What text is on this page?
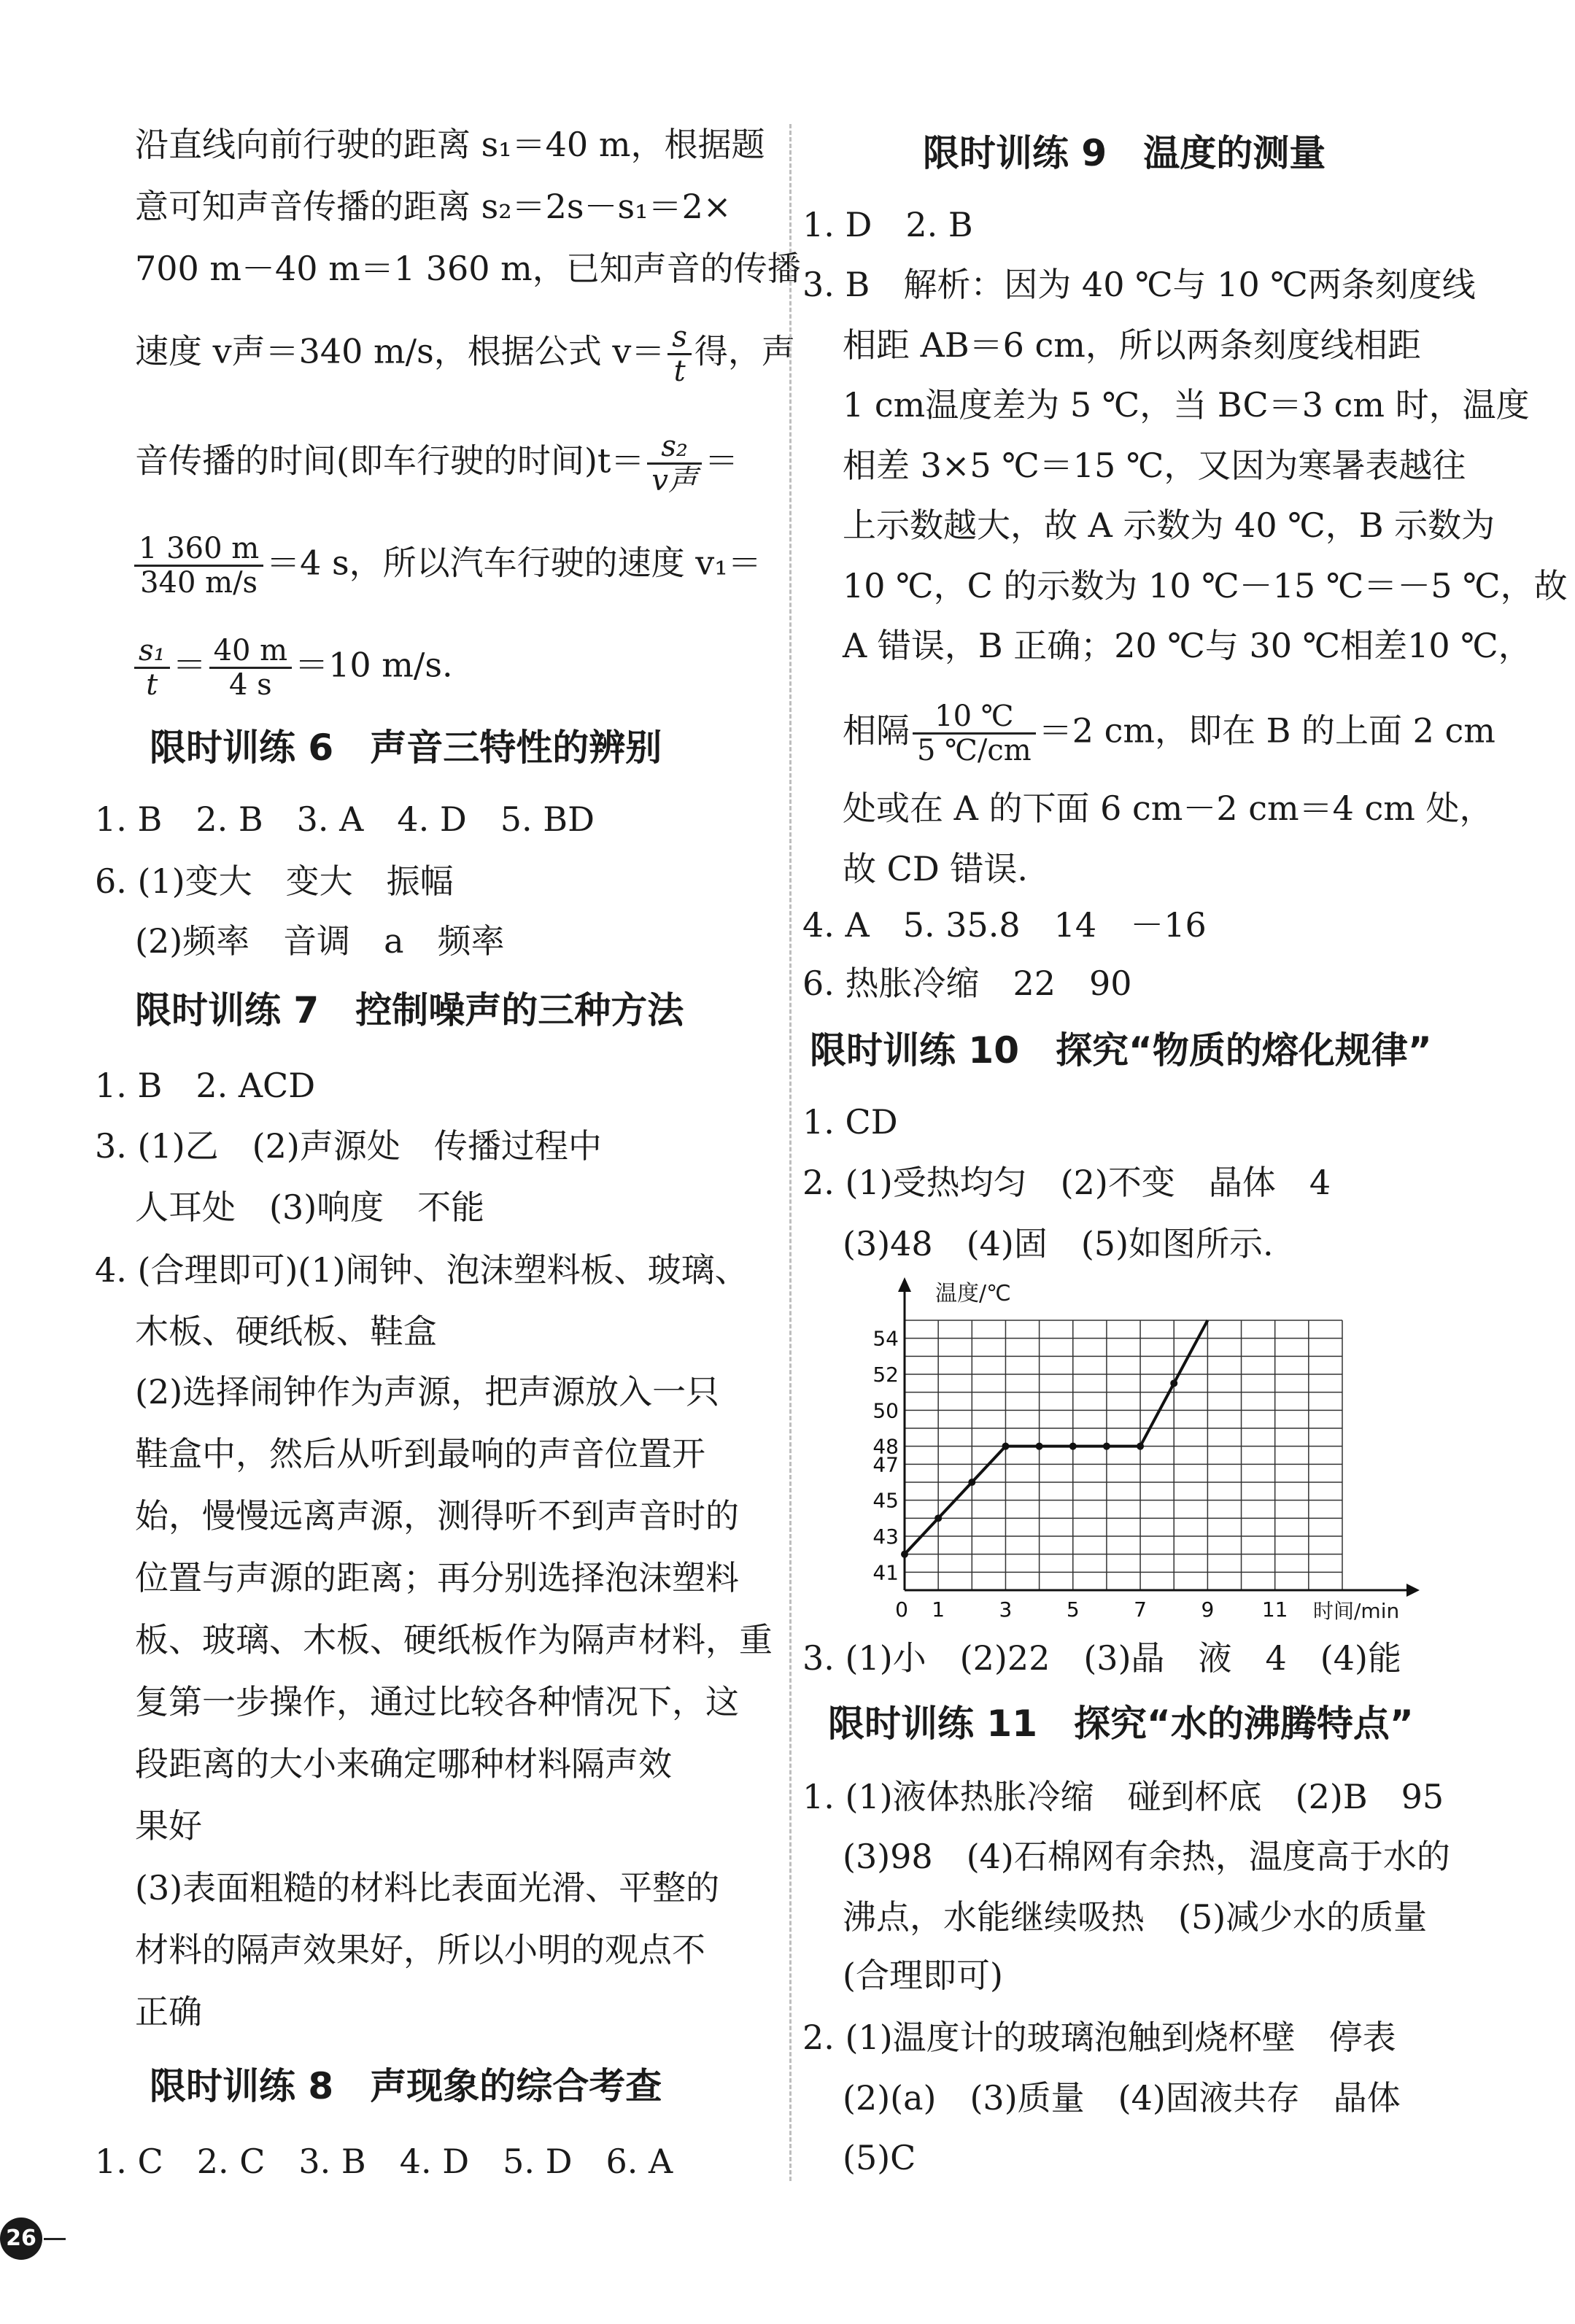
沿直线向前行驶的距离 s₁＝40 m，根据题
意可知声音传播的距离 s₂＝2s－s₁＝2×
700 m－40 m＝1 360 m，已知声音的传播
速度 v声＝340 m/s，根据公式 $v= \frac{s}{t}$ 得，声
音传播的时间(即车行驶的时间)$t= \frac{\text{s₂}}{\text{v声}}$ ＝
$\frac{1 360 m}{340 m/s} =4$ s，所以汽车行驶的速度 v₁＝
$\frac{\text{s₁}}{t} = \frac{40 m}{4 s} =10$ m/s.
限时训练 6　声音三特性的辨别
1. B　2. B　3. A　4. D　5. BD
6. (1)变大　变大　振幅
(2)频率　音调　a　频率
限时训练 7　控制噪声的三种方法
1. B　2. ACD
3. (1)乙　(2)声源处　传播过程中
人耳处　(3)响度　不能
4. (合理即可)(1)闹钟、泡沫塑料板、玻璃、
木板、硬纸板、鞋盒
(2)选择闹钟作为声源，把声源放入一只
鞋盒中，然后从听到最响的声音位置开
始，慢慢远离声源，测得听不到声音时的
位置与声源的距离；再分别选择泡沫塑料
板、玻璃、木板、硬纸板作为隔声材料，重
复第一步操作，通过比较各种情况下，这
段距离的大小来确定哪种材料隔声效
果好
(3)表面粗糙的材料比表面光滑、平整的
材料的隔声效果好，所以小明的观点不
正确
限时训练 8　声现象的综合考查
1. C　2. C　3. B　4. D　5. D　6. A
限时训练 9　温度的测量
1. D　2. B
3. B　解析：因为 40 ℃与 10 ℃两条刻度线
相距 AB＝6 cm，所以两条刻度线相距
1 cm温度差为 5 ℃，当 BC＝3 cm 时，温度
相差 3×5 ℃＝15 ℃，又因为寒暑表越往
上示数越大，故 A 示数为 40 ℃，B 示数为
10 ℃，C 的示数为 10 ℃－15 ℃＝－5 ℃，故
A 错误，B 正确；20 ℃与 30 ℃相差10 ℃，
相隔 $\frac{10 ℃}{5 ℃/cm} =2$ cm，即在 B 的上面 2 cm
处或在 A 的下面 6 cm－2 cm＝4 cm 处，
故 CD 错误.
4. A　5. 35.8　14　－16
6. 热胀冷缩　22　90
限时训练 10　探究“物质的熔化规律”
1. CD
2. (1)受热均匀　(2)不变　晶体　4
(3)48　(4)固　(5)如图所示.
温度/℃
时间/min
41
43
45
47
48
50
52
54
0 1	3	5	7	9 11
3. (1)小　(2)22　(3)晶　液　4　(4)能
限时训练 11　探究“水的沸腾特点”
1. (1)液体热胀冷缩　碰到杯底　(2)B　95
(3)98　(4)石棉网有余热，温度高于水的
沸点，水能继续吸热　(5)减少水的质量
(合理即可)
2. (1)温度计的玻璃泡触到烧杯壁　停表
(2)(a)　(3)质量　(4)固液共存　晶体
(5)C
26
